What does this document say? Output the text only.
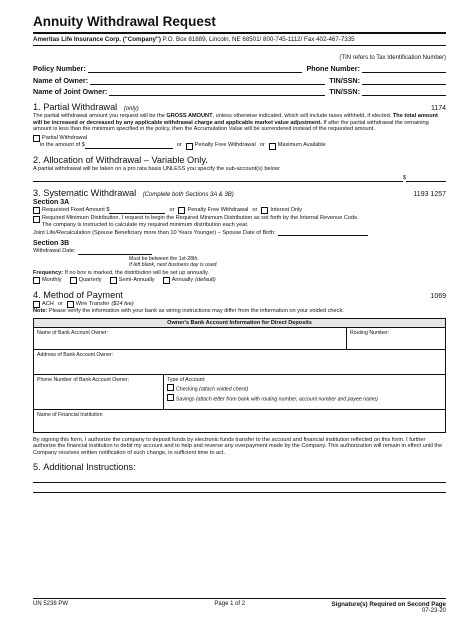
Annuity Withdrawal Request
Ameritas Life Insurance Corp. ("Company") P.O. Box 81889, Lincoln, NE 68501/ 800-745-1112/ Fax 402-467-7335
(TIN refers to Tax Identification Number)
Policy Number:	Phone Number:
Name of Owner:	TIN/SSN:
Name of Joint Owner:	TIN/SSN:
1. Partial Withdrawal (only)	1174

The partial withdrawal amount you request will be the GROSS AMOUNT, unless otherwise indicated, which will include taxes withheld, if elected. The total amount will be increased or decreased by any applicable withdrawal charge and applicable market value adjustment. If after the partial withdrawal the remaining amount is less than the minimum specified in the policy, then the Accumulation Value will be surrendered instead of the requested amount.

Partial Withdrawal
in the amount of $	or Penalty Free Withdrawal or Maximum Available
2. Allocation of Withdrawal – Variable Only.

A partial withdrawal will be taken on a pro rata basis UNLESS you specify the sub-account(s) below:

$
3. Systematic Withdrawal (Complete both Sections 3A & 3B)	1193 1257
Section 3A
Requested Fixed Amount $	or Penalty Free Withdrawal or Interest Only
Required Minimum Distribution. I request to begin the Required Minimum Distribution as set forth by the Internal Revenue Code.
The company is instructed to calculate my required minimum distribution each year.
Joint Life/Recalculation (Spouse Beneficiary more than 10 Years Younger) – Spouse Date of Birth:
Section 3B
Withdrawal Date:
Must be between the 1st-28th.
If left blank, next business day is used.

Frequency: If no box is marked, the distribution will be set up annually.

Monthly	Quarterly	Semi-Annually	Annually (default)
4. Method of Payment	1069
ACH or Wire Transfer ($14 fee)

Note: Please verify the information with your bank as wiring instructions may differ from the information on your voided check.

Owner's Bank Account Information for Direct Deposits
Name of Bank Account Owner:	Routing Number:
Address of Bank Account Owner:
Phone Number of Bank Account Owner:	Type of Account:
Checking (attach voided check)
Savings (attach letter from bank with routing number, account number and payee name)
Name of Financial Institution

By signing this form, I authorize the company to deposit funds by electronic funds transfer to the account and financial institution reflected on this form. I further authorize the financial institution to debit my account and to help and reverse any overpayment made by the Company. This authorization will remain in effect until the Company receives written notification of such change, in sufficient time to act.

5. Additional Instructions:
UN 5238 PW	Page 1 of 2	Signature(s) Required on Second Page
07-23-20
